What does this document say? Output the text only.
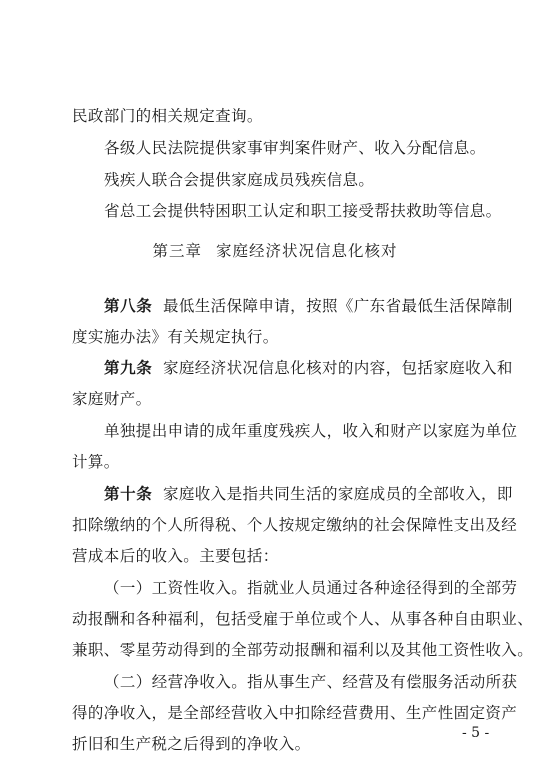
民政部门的相关规定查询。
各级人民法院提供家事审判案件财产、收入分配信息。
残疾人联合会提供家庭成员残疾信息。
省总工会提供特困职工认定和职工接受帮扶救助等信息。
第三章 家庭经济状况信息化核对
第八条 最低生活保障申请，按照《广东省最低生活保障制
度实施办法》有关规定执行。
第九条 家庭经济状况信息化核对的内容，包括家庭收入和
家庭财产。
单独提出申请的成年重度残疾人，收入和财产以家庭为单位
计算。
第十条 家庭收入是指共同生活的家庭成员的全部收入，即
扣除缴纳的个人所得税、个人按规定缴纳的社会保障性支出及经
营成本后的收入。主要包括：
（一）工资性收入。指就业人员通过各种途径得到的全部劳
动报酬和各种福利，包括受雇于单位或个人、从事各种自由职业、
兼职、零星劳动得到的全部劳动报酬和福利以及其他工资性收入。
（二）经营净收入。指从事生产、经营及有偿服务活动所获
得的净收入，是全部经营收入中扣除经营费用、生产性固定资产
折旧和生产税之后得到的净收入。
- 5 -
